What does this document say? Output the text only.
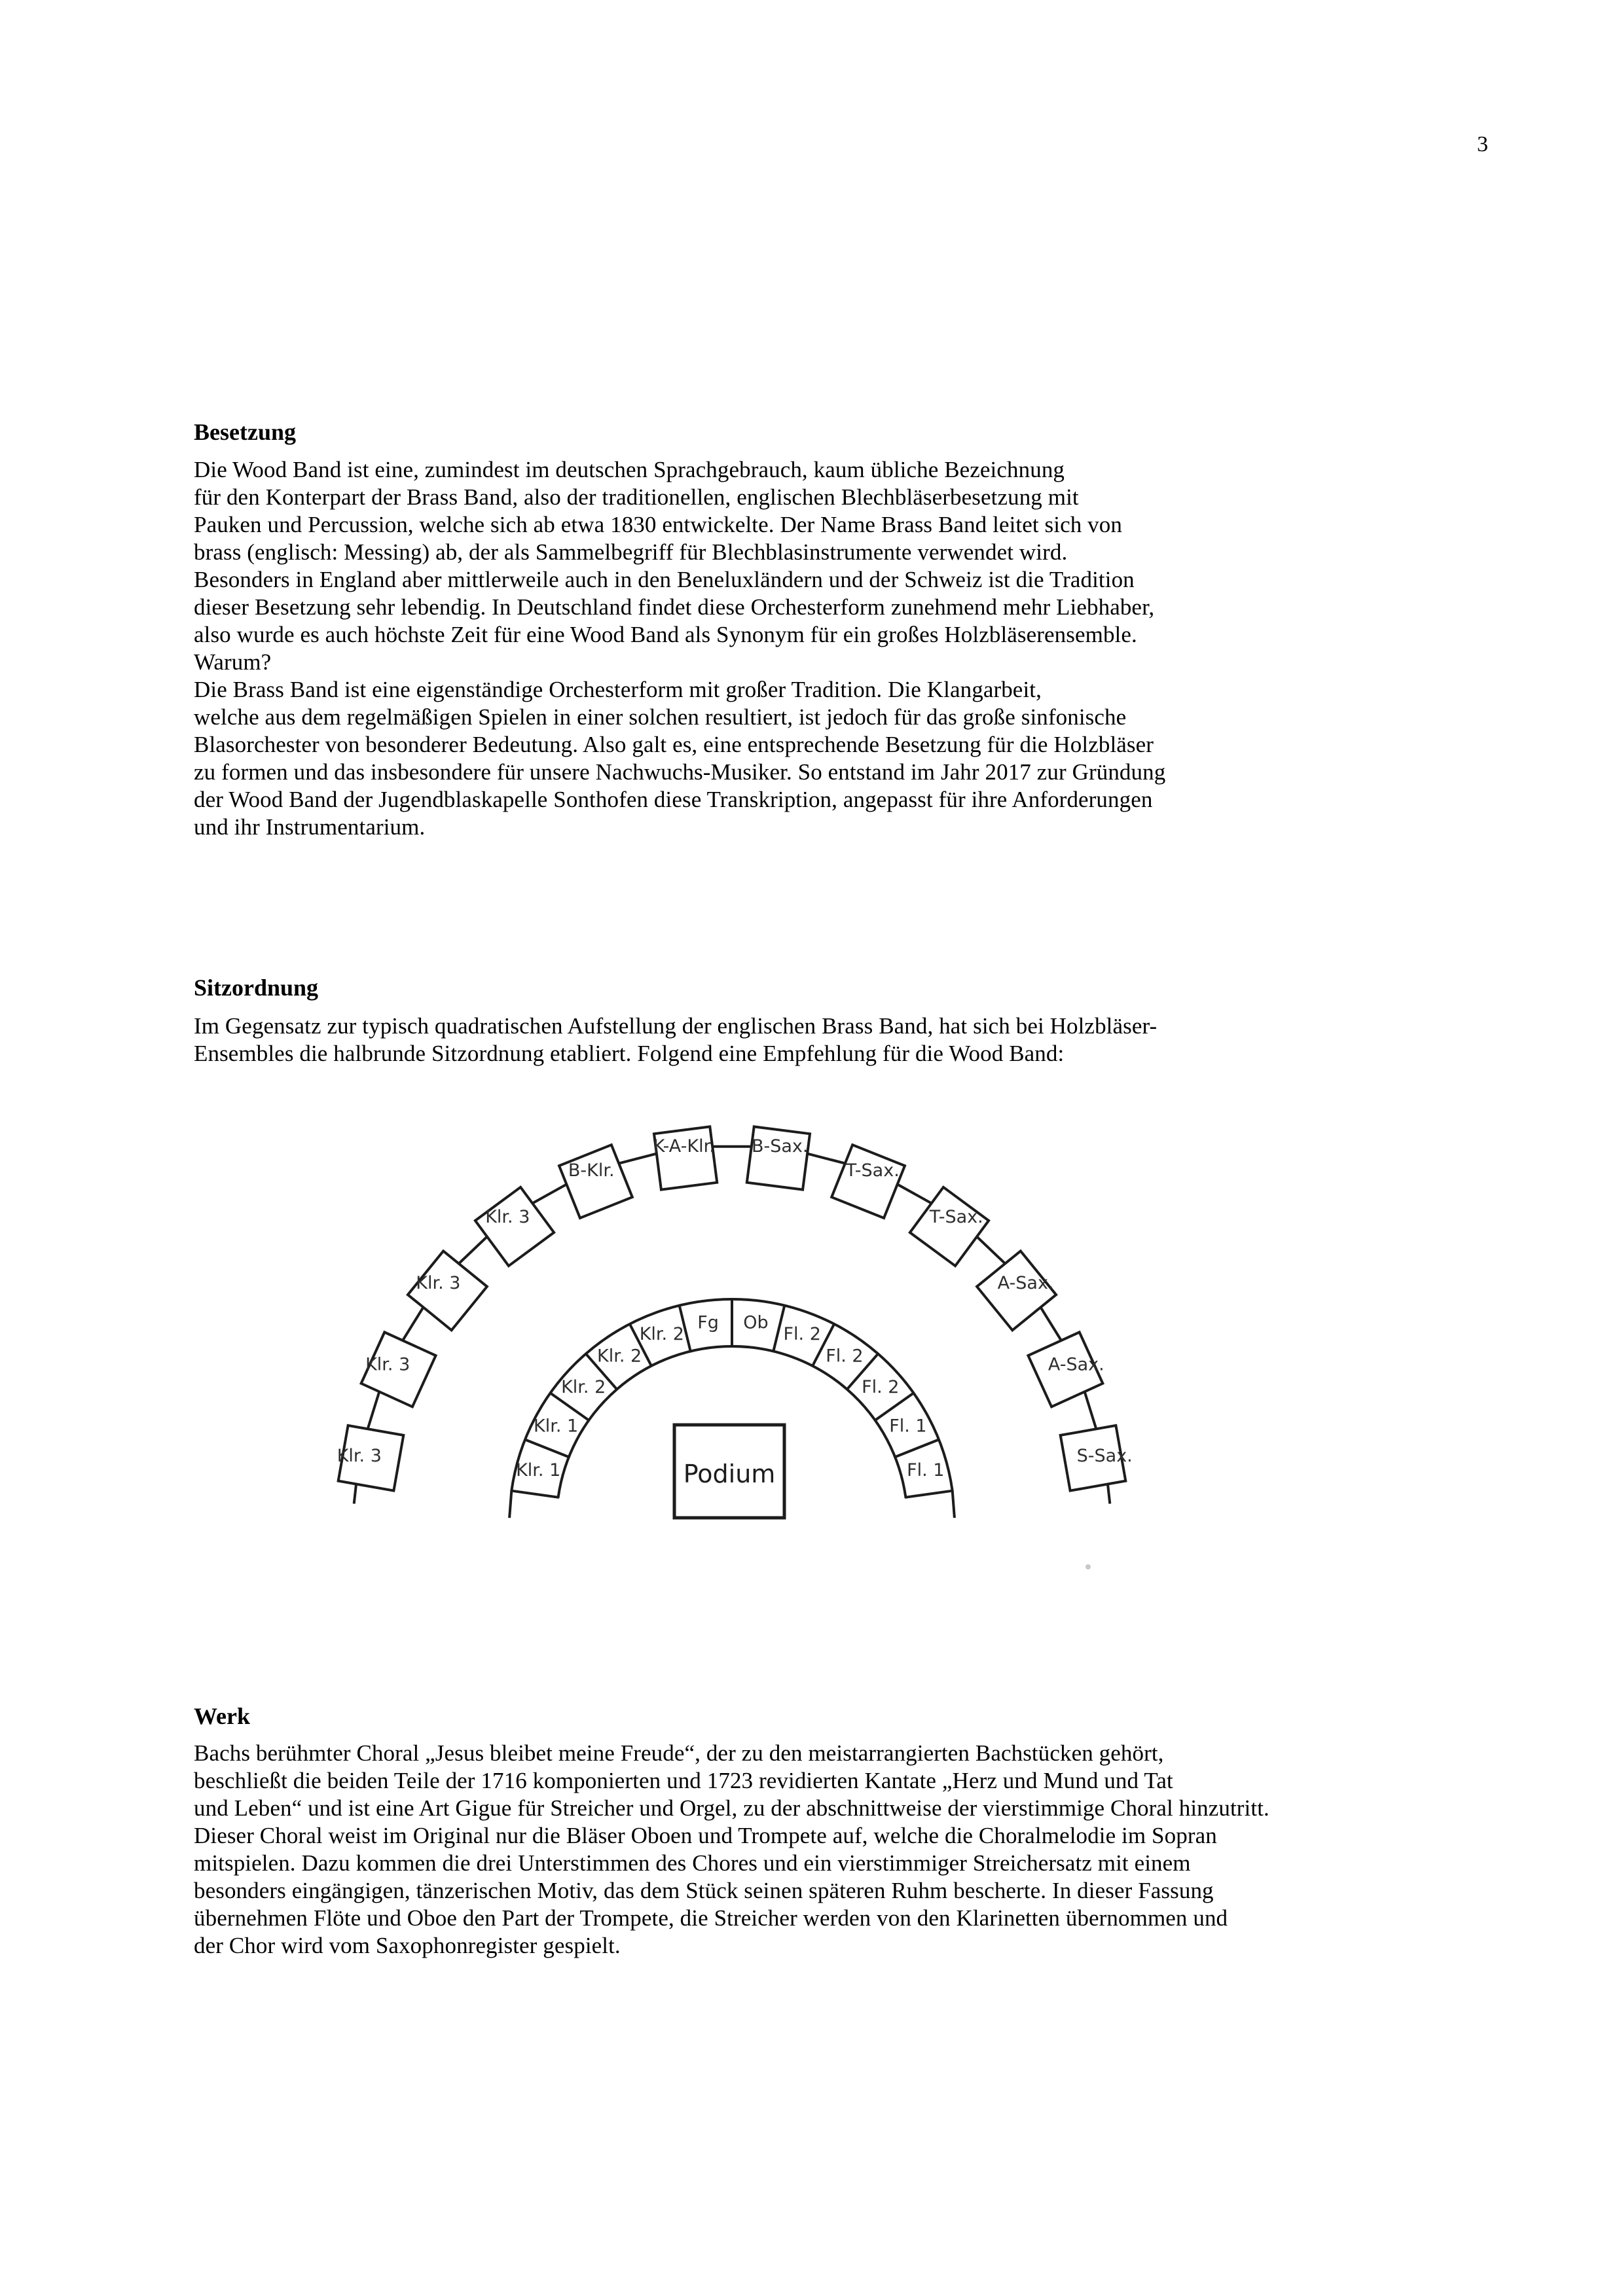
3
Besetzung
Die Wood Band ist eine, zumindest im deutschen Sprachgebrauch, kaum übliche Bezeichnung
für den Konterpart der Brass Band, also der traditionellen, englischen Blechbläserbesetzung mit
Pauken und Percussion, welche sich ab etwa 1830 entwickelte. Der Name Brass Band leitet sich von
brass (englisch: Messing) ab, der als Sammelbegriff für Blechblasinstrumente verwendet wird.
Besonders in England aber mittlerweile auch in den Beneluxländern und der Schweiz ist die Tradition
dieser Besetzung sehr lebendig. In Deutschland findet diese Orchesterform zunehmend mehr Liebhaber,
also wurde es auch höchste Zeit für eine Wood Band als Synonym für ein großes Holzbläserensemble.
Warum?
Die Brass Band ist eine eigenständige Orchesterform mit großer Tradition. Die Klangarbeit,
welche aus dem regelmäßigen Spielen in einer solchen resultiert, ist jedoch für das große sinfonische
Blasorchester von besonderer Bedeutung. Also galt es, eine entsprechende Besetzung für die Holzbläser
zu formen und das insbesondere für unsere Nachwuchs-Musiker. So entstand im Jahr 2017 zur Gründung
der Wood Band der Jugendblaskapelle Sonthofen diese Transkription, angepasst für ihre Anforderungen
und ihr Instrumentarium.
Sitzordnung
Im Gegensatz zur typisch quadratischen Aufstellung der englischen Brass Band, hat sich bei Holzbläser-
Ensembles die halbrunde Sitzordnung etabliert. Folgend eine Empfehlung für die Wood Band:
Klr. 3
Klr. 3
Klr. 3
Klr. 3
B-Klr.
K-A-Klr. B-Sax.
T-Sax.
T-Sax.
A-Sax.
A-Sax.
S-Sax.
Klr. 1
Klr. 1
Klr. 2
Klr. 2
Klr. 2
Fg Ob
Fl. 2
Fl. 2
Fl. 2
Fl. 1
Fl. 1
Podium
Werk
Bachs berühmter Choral „Jesus bleibet meine Freude“, der zu den meistarrangierten Bachstücken gehört,
beschließt die beiden Teile der 1716 komponierten und 1723 revidierten Kantate „Herz und Mund und Tat
und Leben“ und ist eine Art Gigue für Streicher und Orgel, zu der abschnittweise der vierstimmige Choral hinzutritt.
Dieser Choral weist im Original nur die Bläser Oboen und Trompete auf, welche die Choralmelodie im Sopran
mitspielen. Dazu kommen die drei Unterstimmen des Chores und ein vierstimmiger Streichersatz mit einem
besonders eingängigen, tänzerischen Motiv, das dem Stück seinen späteren Ruhm bescherte. In dieser Fassung
übernehmen Flöte und Oboe den Part der Trompete, die Streicher werden von den Klarinetten übernommen und
der Chor wird vom Saxophonregister gespielt.
